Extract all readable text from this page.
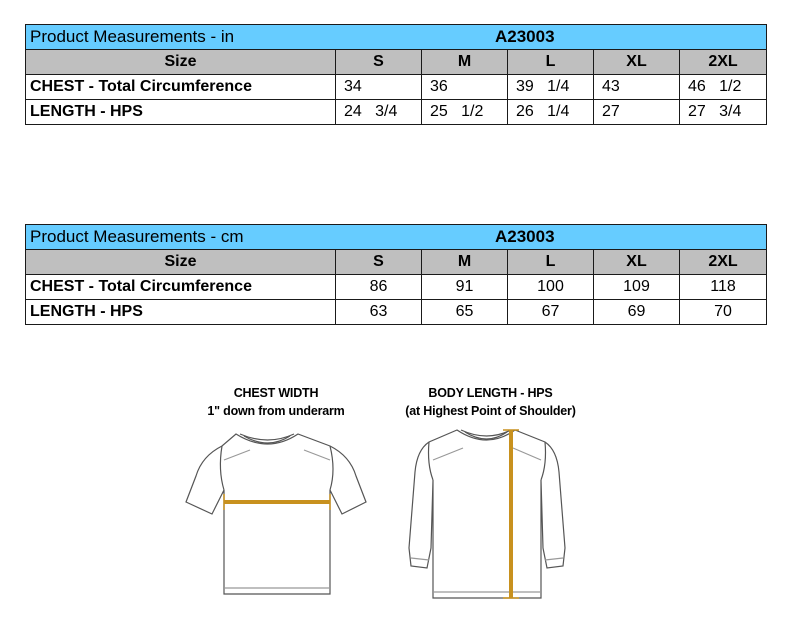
Product Measurements - in			A23003		
Size	S	M	L	XL	2XL
CHEST - Total Circumference	34	36	39   1/4	43	46   1/2
LENGTH - HPS	24   3/4	25   1/2	26   1/4	27	27   3/4
Product Measurements - cm			A23003		
Size	S	M	L	XL	2XL
CHEST - Total Circumference	86	91	100	109	118
LENGTH - HPS	63	65	67	69	70
CHEST WIDTH
1" down from underarm
BODY LENGTH - HPS
(at Highest Point of Shoulder)
